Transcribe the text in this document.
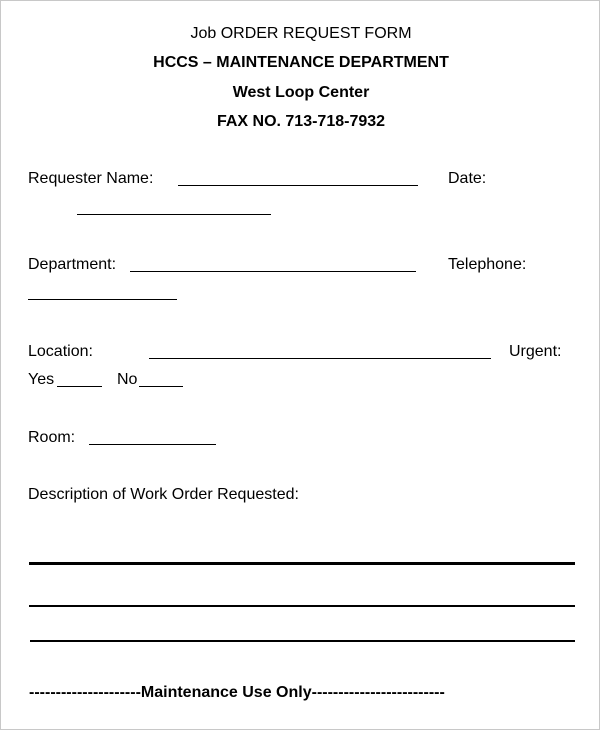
Job ORDER REQUEST FORM
HCCS – MAINTENANCE DEPARTMENT
West Loop Center
FAX NO. 713-718-7932
Requester Name:	Date:
Department:	Telephone:
Location:	Urgent:
Yes	No
Room:
Description of Work Order Requested:
---------------------Maintenance Use Only-------------------------
